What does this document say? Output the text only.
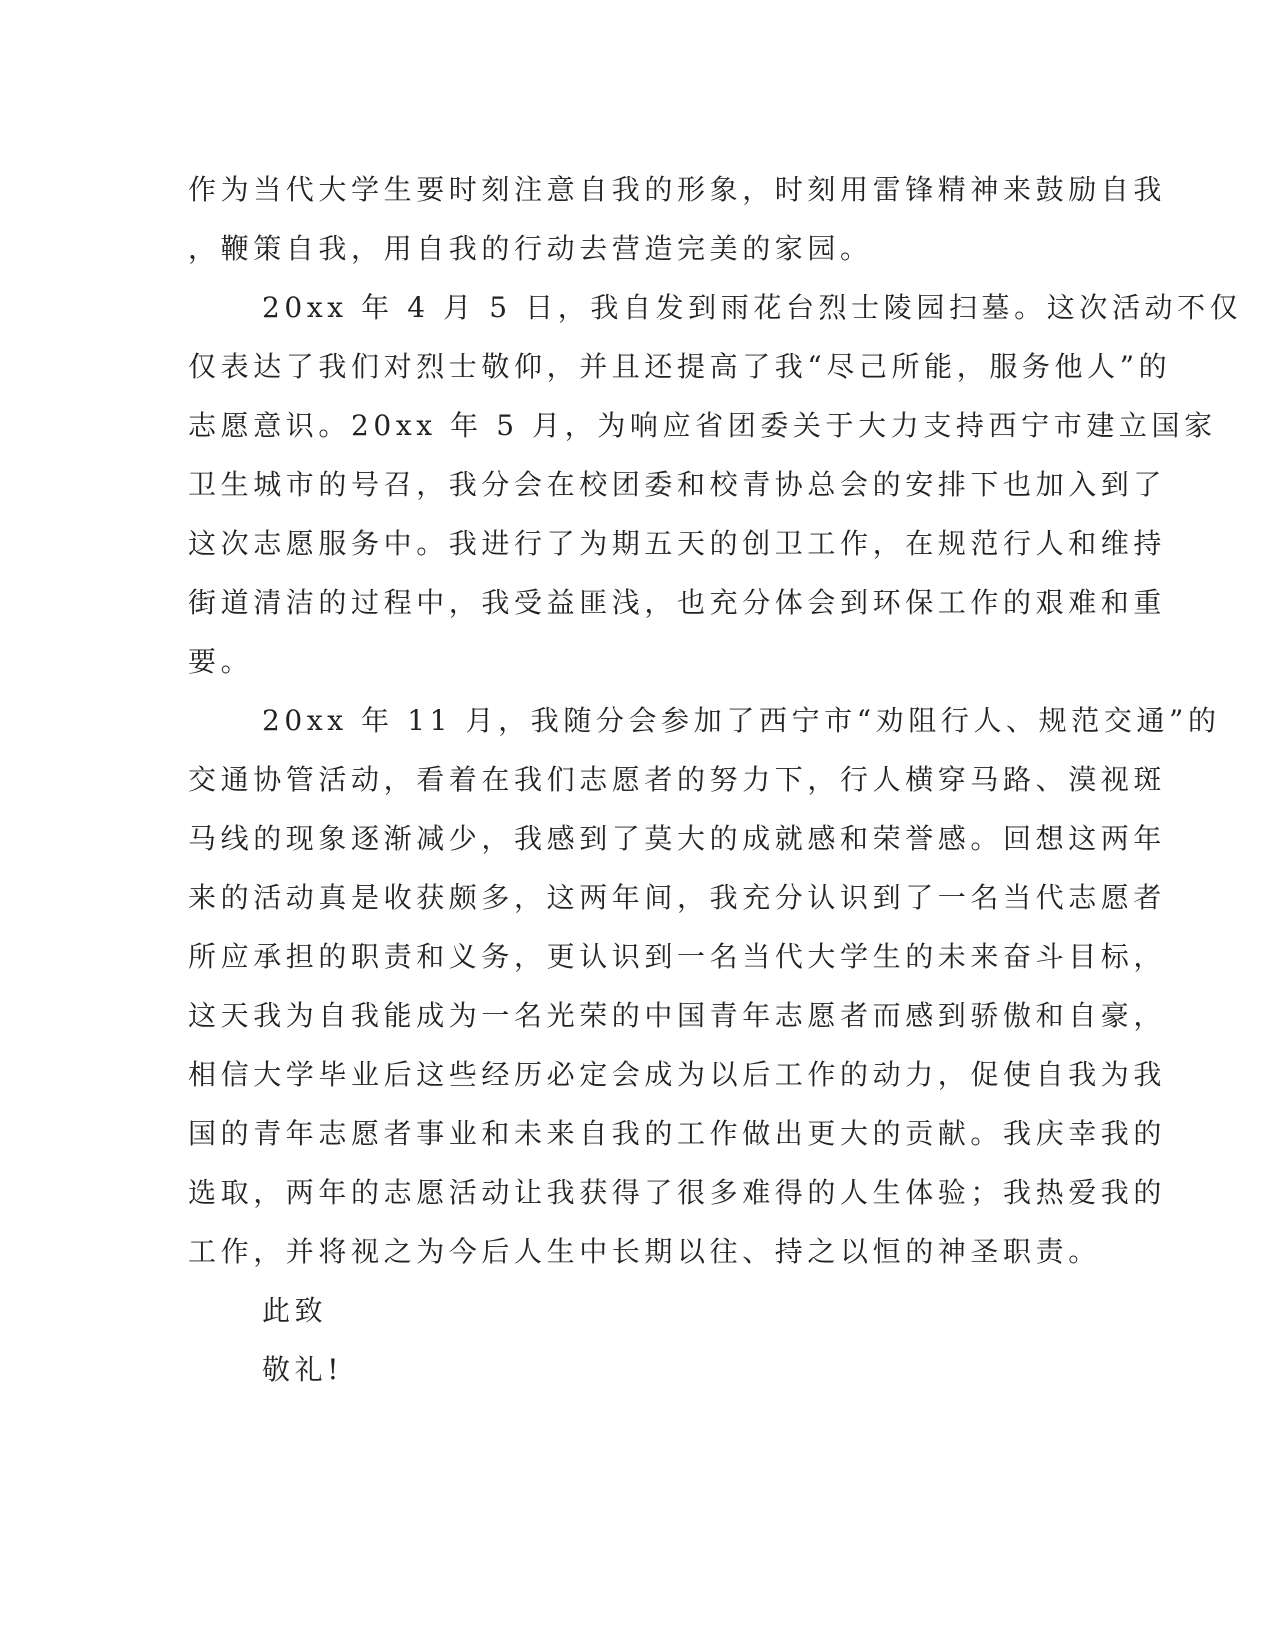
作为当代大学生要时刻注意自我的形象，时刻用雷锋精神来鼓励自我
，鞭策自我，用自我的行动去营造完美的家园。
20xx 年 4 月 5 日，我自发到雨花台烈士陵园扫墓。这次活动不仅
仅表达了我们对烈士敬仰，并且还提高了我“尽己所能，服务他人”的
志愿意识。20xx 年 5 月，为响应省团委关于大力支持西宁市建立国家
卫生城市的号召，我分会在校团委和校青协总会的安排下也加入到了
这次志愿服务中。我进行了为期五天的创卫工作，在规范行人和维持
街道清洁的过程中，我受益匪浅，也充分体会到环保工作的艰难和重
要。
20xx 年 11 月，我随分会参加了西宁市“劝阻行人、规范交通”的
交通协管活动，看着在我们志愿者的努力下，行人横穿马路、漠视斑
马线的现象逐渐减少，我感到了莫大的成就感和荣誉感。回想这两年
来的活动真是收获颇多，这两年间，我充分认识到了一名当代志愿者
所应承担的职责和义务，更认识到一名当代大学生的未来奋斗目标，
这天我为自我能成为一名光荣的中国青年志愿者而感到骄傲和自豪，
相信大学毕业后这些经历必定会成为以后工作的动力，促使自我为我
国的青年志愿者事业和未来自我的工作做出更大的贡献。我庆幸我的
选取，两年的志愿活动让我获得了很多难得的人生体验；我热爱我的
工作，并将视之为今后人生中长期以往、持之以恒的神圣职责。
此致
敬礼!
